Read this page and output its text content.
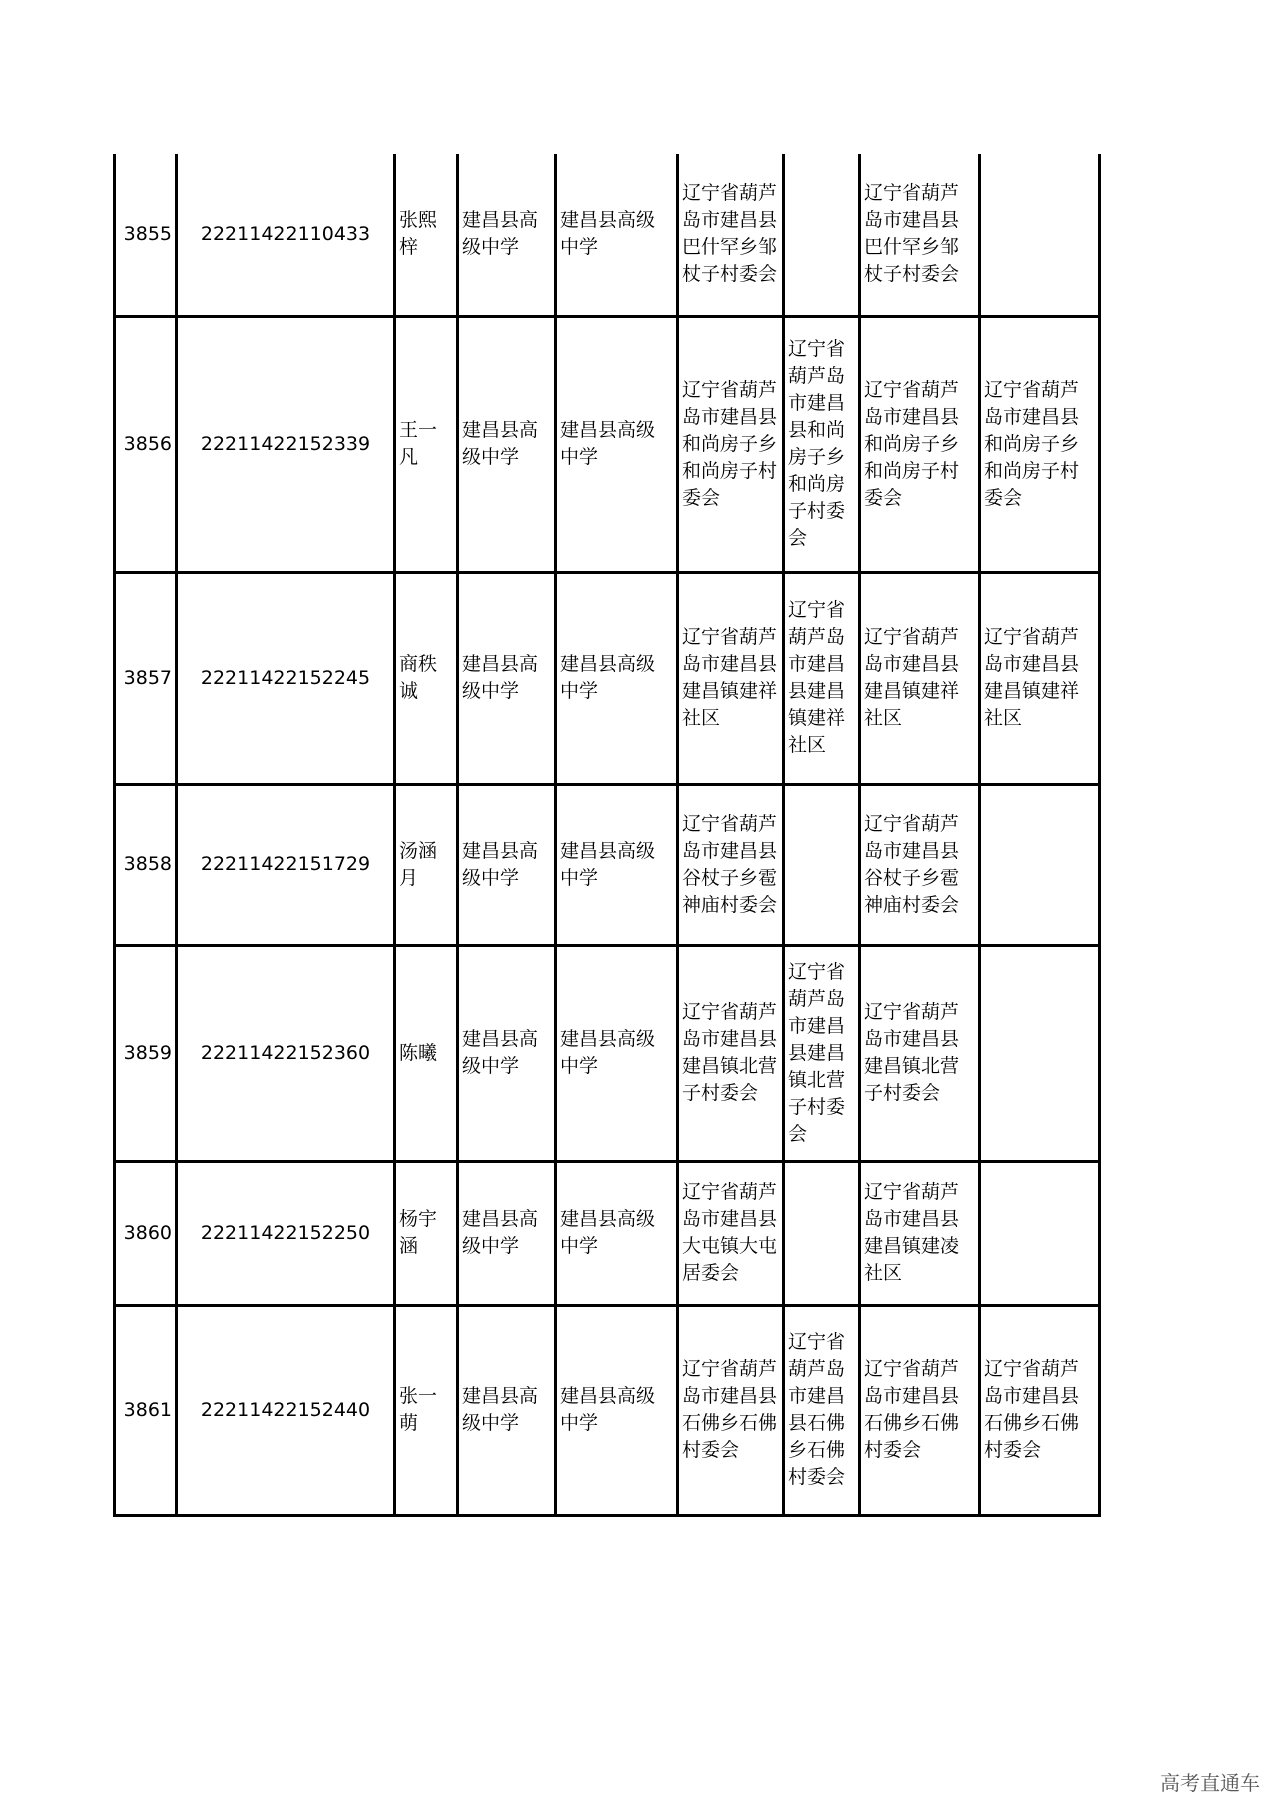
3855	22211422110433	张熙梓	建昌县高级中学	建昌县高级中学	辽宁省葫芦岛市建昌县巴什罕乡邹杖子村委会		辽宁省葫芦岛市建昌县巴什罕乡邹杖子村委会	
3856	22211422152339	王一凡	建昌县高级中学	建昌县高级中学	辽宁省葫芦岛市建昌县和尚房子乡和尚房子村委会	辽宁省葫芦岛市建昌县和尚房子乡和尚房子村委会	辽宁省葫芦岛市建昌县和尚房子乡和尚房子村委会	辽宁省葫芦岛市建昌县和尚房子乡和尚房子村委会
3857	22211422152245	商秩诚	建昌县高级中学	建昌县高级中学	辽宁省葫芦岛市建昌县建昌镇建祥社区	辽宁省葫芦岛市建昌县建昌镇建祥社区	辽宁省葫芦岛市建昌县建昌镇建祥社区	辽宁省葫芦岛市建昌县建昌镇建祥社区
3858	22211422151729	汤涵月	建昌县高级中学	建昌县高级中学	辽宁省葫芦岛市建昌县谷杖子乡雹神庙村委会		辽宁省葫芦岛市建昌县谷杖子乡雹神庙村委会	
3859	22211422152360	陈曦	建昌县高级中学	建昌县高级中学	辽宁省葫芦岛市建昌县建昌镇北营子村委会	辽宁省葫芦岛市建昌县建昌镇北营子村委会	辽宁省葫芦岛市建昌县建昌镇北营子村委会	
3860	22211422152250	杨宇涵	建昌县高级中学	建昌县高级中学	辽宁省葫芦岛市建昌县大屯镇大屯居委会		辽宁省葫芦岛市建昌县建昌镇建凌社区	
3861	22211422152440	张一萌	建昌县高级中学	建昌县高级中学	辽宁省葫芦岛市建昌县石佛乡石佛村委会	辽宁省葫芦岛市建昌县石佛乡石佛村委会	辽宁省葫芦岛市建昌县石佛乡石佛村委会	辽宁省葫芦岛市建昌县石佛乡石佛村委会
高考直通车
